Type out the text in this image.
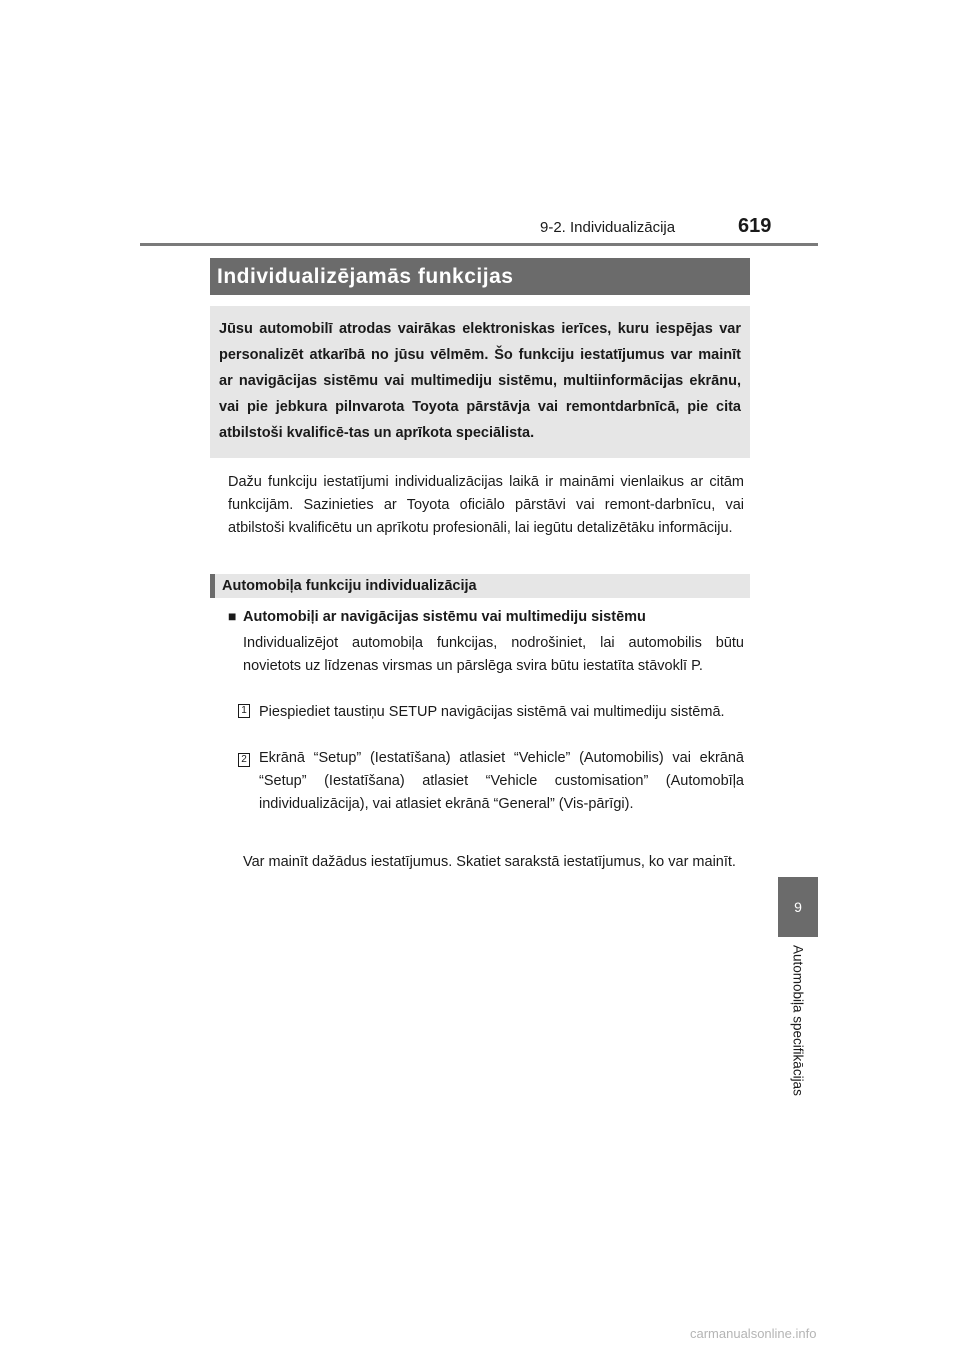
9-2. Individualizācija	619
9
Automobiļa specifikācijas
Individualizējamās funkcijas
Jūsu automobilī atrodas vairākas elektroniskas ierīces, kuru iespējas var personalizēt atkarībā no jūsu vēlmēm. Šo funkciju iestatījumus var mainīt ar navigācijas sistēmu vai multimediju sistēmu, multiinformācijas ekrānu, vai pie jebkura pilnvarota Toyota pārstāvja vai remontdarbnīcā, pie cita atbilstoši kvalificē-tas un aprīkota speciālista.
Dažu funkciju iestatījumi individualizācijas laikā ir maināmi vienlaikus ar citām funkcijām. Sazinieties ar Toyota oficiālo pārstāvi vai remont-darbnīcu, vai atbilstoši kvalificētu un aprīkotu profesionāli, lai iegūtu detalizētāku informāciju.
Automobiļa funkciju individualizācija
■ Automobiļi ar navigācijas sistēmu vai multimediju sistēmu
Individualizējot automobiļa funkcijas, nodrošiniet, lai automobilis būtu novietots uz līdzenas virsmas un pārslēga svira būtu iestatīta stāvoklī P.
1 Piespiediet taustiņu SETUP navigācijas sistēmā vai multimediju sistēmā.
2 Ekrānā “Setup” (Iestatīšana) atlasiet “Vehicle” (Automobilis) vai ekrānā “Setup” (Iestatīšana) atlasiet “Vehicle customisation” (Automobīļa individualizācija), vai atlasiet ekrānā “General” (Vis-pārīgi).
Var mainīt dažādus iestatījumus. Skatiet sarakstā iestatījumus, ko var mainīt.
carmanualsonline.info
